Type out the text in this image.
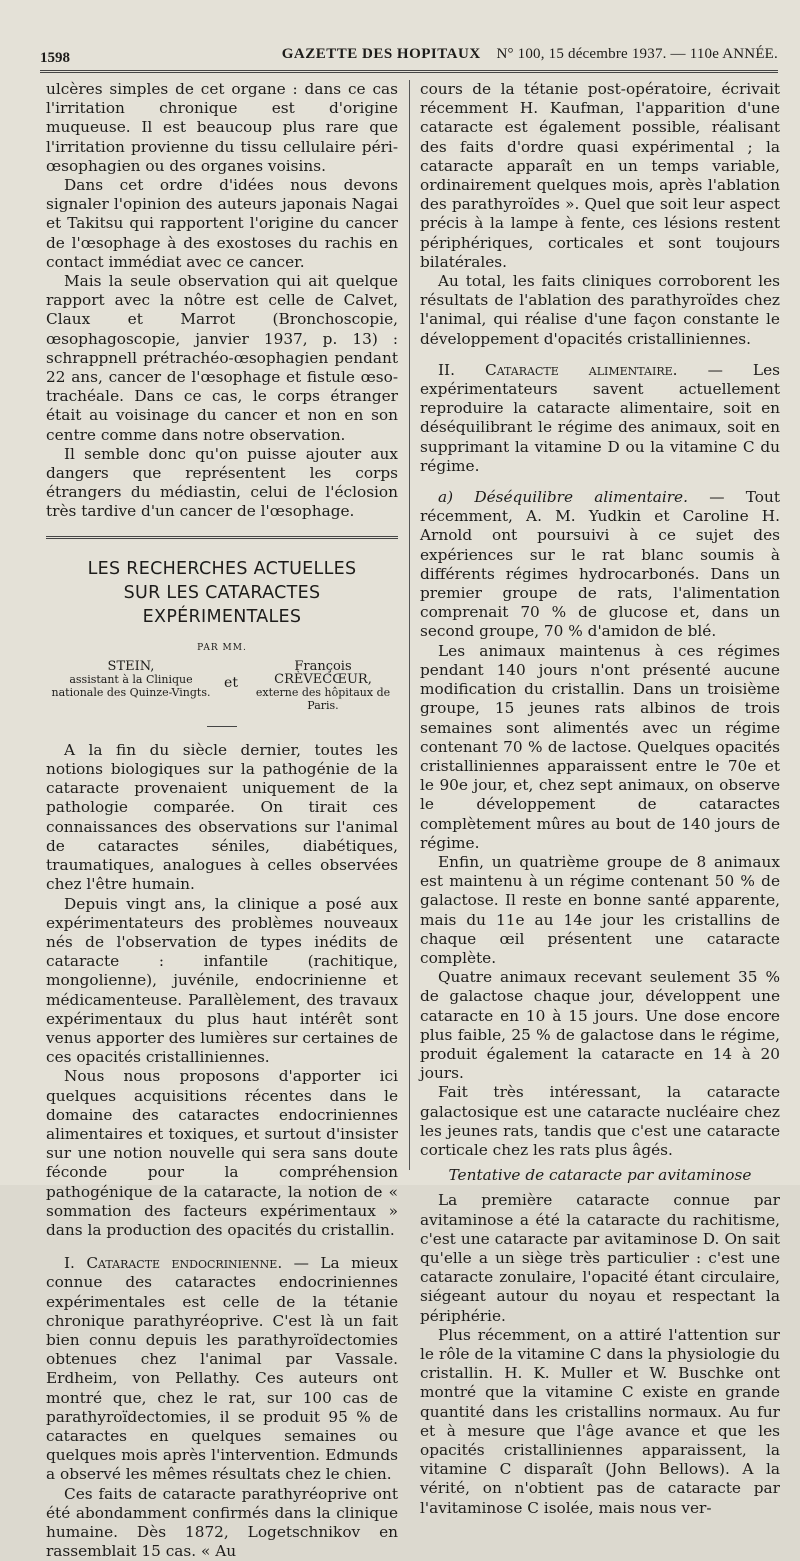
1598	GAZETTE DES HOPITAUX N° 100, 15 décembre 1937. — 110e ANNÉE.

ulcères simples de cet organe : dans ce cas l'irritation chronique est d'origine muqueuse. Il est beaucoup plus rare que l'irritation provienne du tissu cellulaire péri-œsophagien ou des organes voisins.

Dans cet ordre d'idées nous devons signaler l'opinion des auteurs japonais Nagai et Takitsu qui rapportent l'origine du cancer de l'œsophage à des exostoses du rachis en contact immédiat avec ce cancer.

Mais la seule observation qui ait quelque rapport avec la nôtre est celle de Calvet, Claux et Marrot (Bronchoscopie, œsophagoscopie, janvier 1937, p. 13) : schrappnell prétrachéo-œsophagien pendant 22 ans, cancer de l'œsophage et fistule œso-trachéale. Dans ce cas, le corps étranger était au voisinage du cancer et non en son centre comme dans notre observation.

Il semble donc qu'on puisse ajouter aux dangers que représentent les corps étrangers du médiastin, celui de l'éclosion très tardive d'un cancer de l'œsophage.

LES RECHERCHES ACTUELLES
SUR LES CATARACTES EXPÉRIMENTALES
PAR MM.
STEIN,
assistant à la Clinique nationale des Quinze-Vingts.
et
François CRÈVECŒUR,
externe des hôpitaux de Paris.

A la fin du siècle dernier, toutes les notions biologiques sur la pathogénie de la cataracte provenaient uniquement de la pathologie comparée. On tirait ces connaissances des observations sur l'animal de cataractes séniles, diabétiques, traumatiques, analogues à celles observées chez l'être humain.

Depuis vingt ans, la clinique a posé aux expérimentateurs des problèmes nouveaux nés de l'observation de types inédits de cataracte : infantile (rachitique, mongolienne), juvénile, endocrinienne et médicamenteuse. Parallèlement, des travaux expérimentaux du plus haut intérêt sont venus apporter des lumières sur certaines de ces opacités cristalliniennes.

Nous nous proposons d'apporter ici quelques acquisitions récentes dans le domaine des cataractes endocriniennes alimentaires et toxiques, et surtout d'insister sur une notion nouvelle qui sera sans doute féconde pour la compréhension pathogénique de la cataracte, la notion de « sommation des facteurs expérimentaux » dans la production des opacités du cristallin.

I. Cataracte endocrinienne. — La mieux connue des cataractes endocriniennes expérimentales est celle de la tétanie chronique parathyréoprive. C'est là un fait bien connu depuis les parathyroïdectomies obtenues chez l'animal par Vassale. Erdheim, von Pellathy. Ces auteurs ont montré que, chez le rat, sur 100 cas de parathyroïdectomies, il se produit 95 % de cataractes en quelques semaines ou quelques mois après l'intervention. Edmunds a observé les mêmes résultats chez le chien.

Ces faits de cataracte parathyréoprive ont été abondamment confirmés dans la clinique humaine. Dès 1872, Logetschnikov en rassemblait 15 cas. « Au

cours de la tétanie post-opératoire, écrivait récemment H. Kaufman, l'apparition d'une cataracte est également possible, réalisant des faits d'ordre quasi expérimental ; la cataracte apparaît en un temps variable, ordinairement quelques mois, après l'ablation des parathyroïdes ». Quel que soit leur aspect précis à la lampe à fente, ces lésions restent périphériques, corticales et sont toujours bilatérales.

Au total, les faits cliniques corroborent les résultats de l'ablation des parathyroïdes chez l'animal, qui réalise d'une façon constante le développement d'opacités cristalliniennes.

II. Cataracte alimentaire. — Les expérimentateurs savent actuellement reproduire la cataracte alimentaire, soit en déséquilibrant le régime des animaux, soit en supprimant la vitamine D ou la vitamine C du régime.

a) Déséquilibre alimentaire. — Tout récemment, A. M. Yudkin et Caroline H. Arnold ont poursuivi à ce sujet des expériences sur le rat blanc soumis à différents régimes hydrocarbonés. Dans un premier groupe de rats, l'alimentation comprenait 70 % de glucose et, dans un second groupe, 70 % d'amidon de blé.

Les animaux maintenus à ces régimes pendant 140 jours n'ont présenté aucune modification du cristallin. Dans un troisième groupe, 15 jeunes rats albinos de trois semaines sont alimentés avec un régime contenant 70 % de lactose. Quelques opacités cristalliniennes apparaissent entre le 70e et le 90e jour, et, chez sept animaux, on observe le développement de cataractes complètement mûres au bout de 140 jours de régime.

Enfin, un quatrième groupe de 8 animaux est maintenu à un régime contenant 50 % de galactose. Il reste en bonne santé apparente, mais du 11e au 14e jour les cristallins de chaque œil présentent une cataracte complète.

Quatre animaux recevant seulement 35 % de galactose chaque jour, développent une cataracte en 10 à 15 jours. Une dose encore plus faible, 25 % de galactose dans le régime, produit également la cataracte en 14 à 20 jours.

Fait très intéressant, la cataracte galactosique est une cataracte nucléaire chez les jeunes rats, tandis que c'est une cataracte corticale chez les rats plus âgés.

Tentative de cataracte par avitaminose

La première cataracte connue par avitaminose a été la cataracte du rachitisme, c'est une cataracte par avitaminose D. On sait qu'elle a un siège très particulier : c'est une cataracte zonulaire, l'opacité étant circulaire, siégeant autour du noyau et respectant la périphérie.

Plus récemment, on a attiré l'attention sur le rôle de la vitamine C dans la physiologie du cristallin. H. K. Muller et W. Buschke ont montré que la vitamine C existe en grande quantité dans les cristallins normaux. Au fur et à mesure que l'âge avance et que les opacités cristalliniennes apparaissent, la vitamine C disparaît (John Bellows). A la vérité, on n'obtient pas de cataracte par l'avitaminose C isolée, mais nous ver-
